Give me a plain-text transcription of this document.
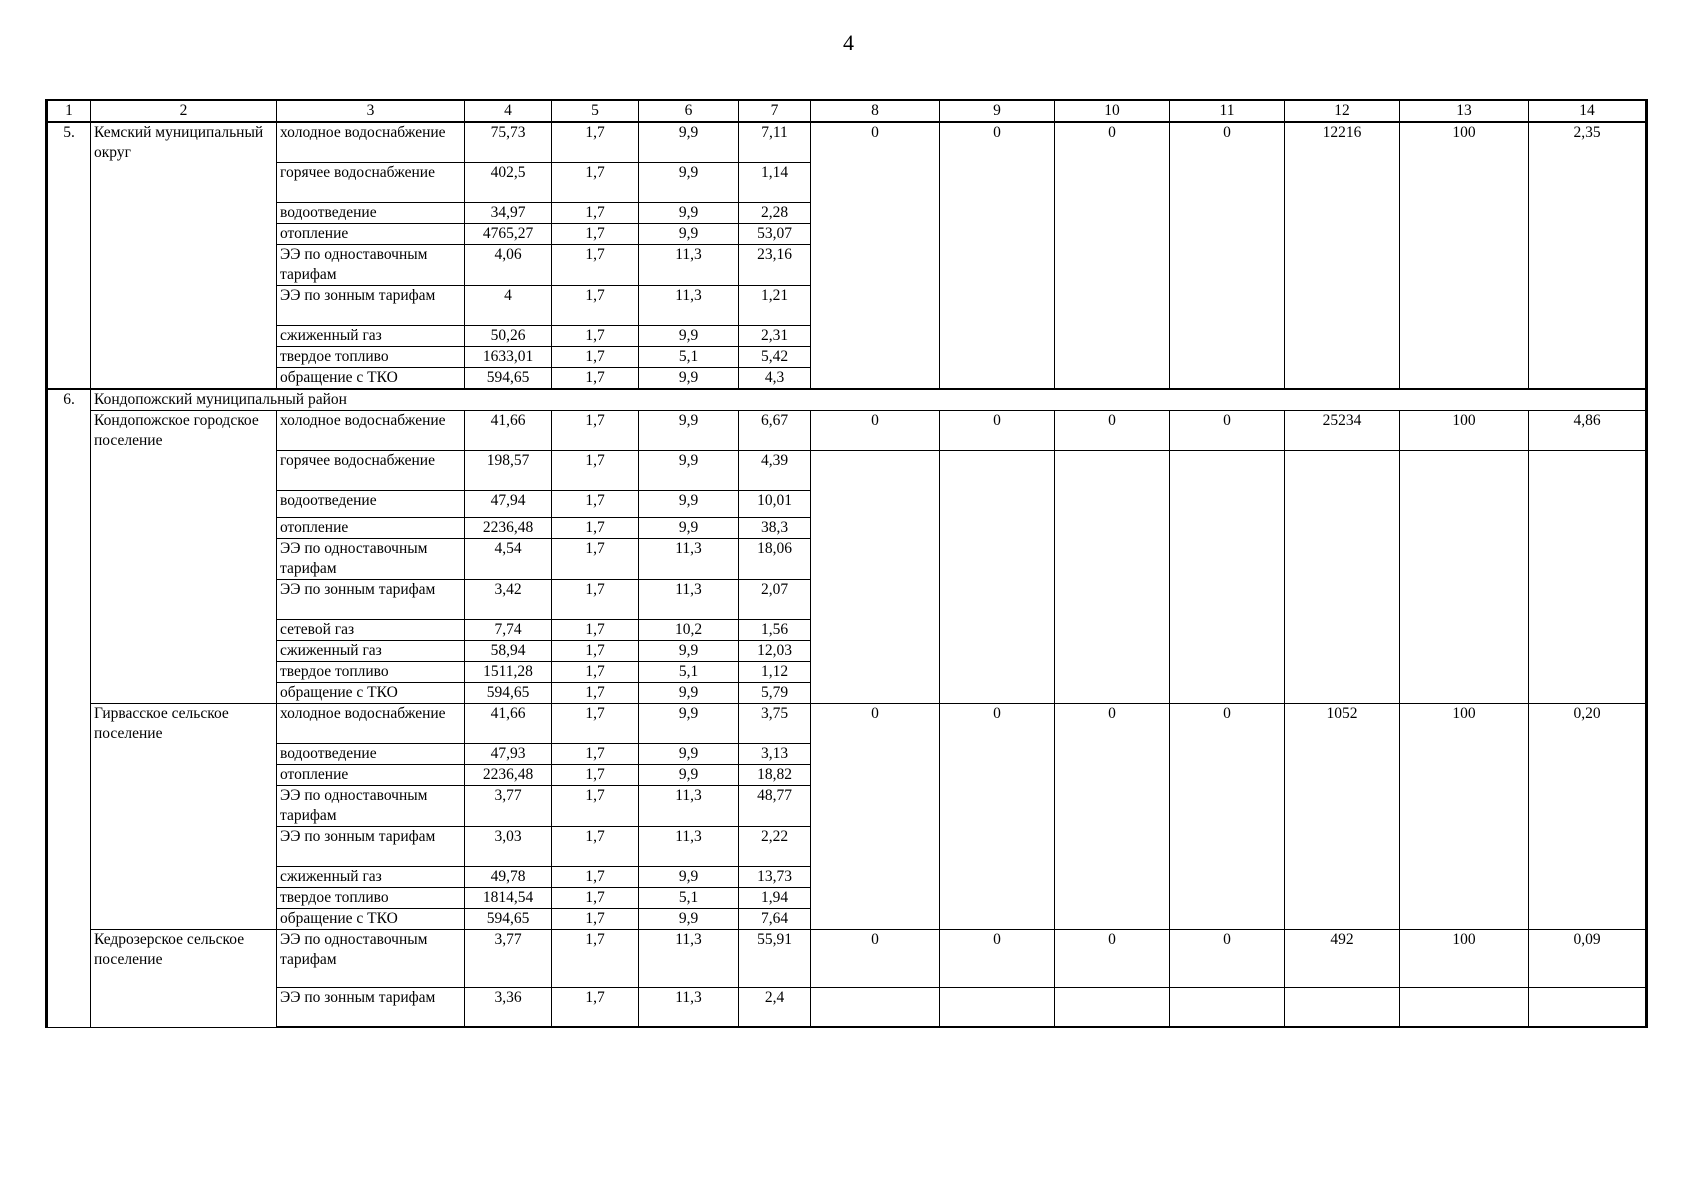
4
1	2	3	4	5	6	7	8	9	10	11	12	13	14
5.	Кемский муниципальный округ	холодное водоснабжение	75,73	1,7	9,9	7,11	0	0	0	0	12216	100	2,35
		горячее водоснабжение	402,5	1,7	9,9	1,14							
		водоотведение	34,97	1,7	9,9	2,28							
		отопление	4765,27	1,7	9,9	53,07							
		ЭЭ по одноставочным тарифам	4,06	1,7	11,3	23,16							
		ЭЭ по зонным тарифам	4	1,7	11,3	1,21							
		сжиженный газ	50,26	1,7	9,9	2,31							
		твердое топливо	1633,01	1,7	5,1	5,42							
		обращение с ТКО	594,65	1,7	9,9	4,3							
6.	Кондопожский муниципальный район												
	Кондопожское городское поселение	холодное водоснабжение	41,66	1,7	9,9	6,67	0	0	0	0	25234	100	4,86
		горячее водоснабжение	198,57	1,7	9,9	4,39							
		водоотведение	47,94	1,7	9,9	10,01							
		отопление	2236,48	1,7	9,9	38,3							
		ЭЭ по одноставочным тарифам	4,54	1,7	11,3	18,06							
		ЭЭ по зонным тарифам	3,42	1,7	11,3	2,07							
		сетевой газ	7,74	1,7	10,2	1,56							
		сжиженный газ	58,94	1,7	9,9	12,03							
		твердое топливо	1511,28	1,7	5,1	1,12							
		обращение с ТКО	594,65	1,7	9,9	5,79							
	Гирвасское сельское поселение	холодное водоснабжение	41,66	1,7	9,9	3,75	0	0	0	0	1052	100	0,20
		водоотведение	47,93	1,7	9,9	3,13							
		отопление	2236,48	1,7	9,9	18,82							
		ЭЭ по одноставочным тарифам	3,77	1,7	11,3	48,77							
		ЭЭ по зонным тарифам	3,03	1,7	11,3	2,22							
		сжиженный газ	49,78	1,7	9,9	13,73							
		твердое топливо	1814,54	1,7	5,1	1,94							
		обращение с ТКО	594,65	1,7	9,9	7,64							
	Кедрозерское сельское поселение	ЭЭ по одноставочным тарифам	3,77	1,7	11,3	55,91	0	0	0	0	492	100	0,09
		ЭЭ по зонным тарифам	3,36	1,7	11,3	2,4							
